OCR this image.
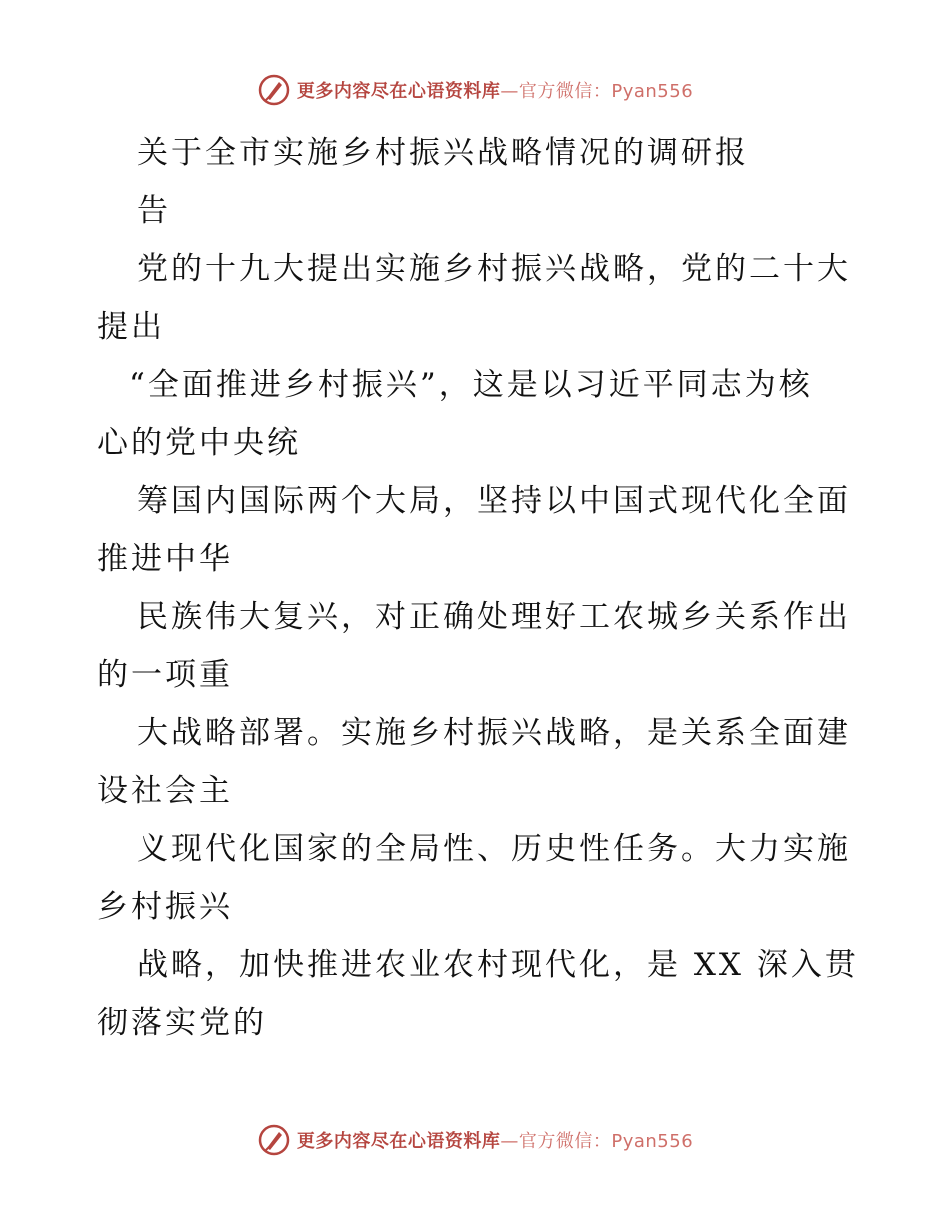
更多内容尽在心语资料库 —官方微信：Pyan556
关于全市实施乡村振兴战略情况的调研报
告
党的十九大提出实施乡村振兴战略，党的二十大
提出
“全面推进乡村振兴”，这是以习近平同志为核
心的党中央统
筹国内国际两个大局，坚持以中国式现代化全面
推进中华
民族伟大复兴，对正确处理好工农城乡关系作出
的一项重
大战略部署。实施乡村振兴战略，是关系全面建
设社会主
义现代化国家的全局性、历史性任务。大力实施
乡村振兴
战略，加快推进农业农村现代化，是 XX 深入贯
彻落实党的
更多内容尽在心语资料库 —官方微信：Pyan556
